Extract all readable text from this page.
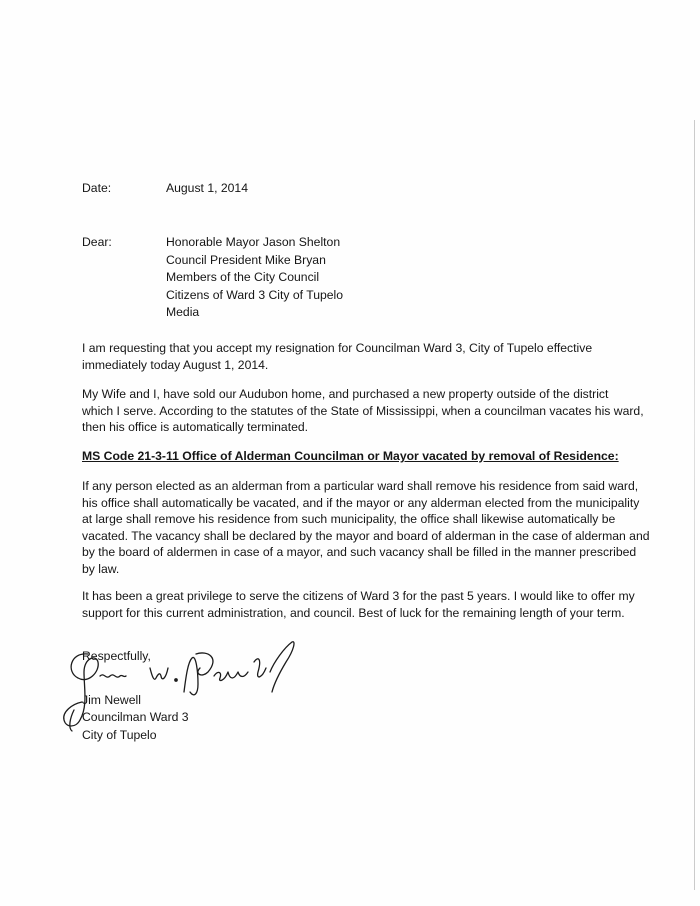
Date:	August 1, 2014
Dear:	Honorable Mayor Jason Shelton
Council President Mike Bryan
Members of the City Council
Citizens of Ward 3 City of Tupelo
Media
I am requesting that you accept my resignation for Councilman Ward 3, City of Tupelo effective
immediately today August 1, 2014.
My Wife and I, have sold our Audubon home, and purchased a new property outside of the district
which I serve. According to the statutes of the State of Mississippi, when a councilman vacates his ward,
then his office is automatically terminated.
MS Code 21-3-11 Office of Alderman Councilman or Mayor vacated by removal of Residence:
If any person elected as an alderman from a particular ward shall remove his residence from said ward,
his office shall automatically be vacated, and if the mayor or any alderman elected from the municipality
at large shall remove his residence from such municipality, the office shall likewise automatically be
vacated. The vacancy shall be declared by the mayor and board of alderman in the case of alderman and
by the board of aldermen in case of a mayor, and such vacancy shall be filled in the manner prescribed
by law.
It has been a great privilege to serve the citizens of Ward 3 for the past 5 years. I would like to offer my
support for this current administration, and council. Best of luck for the remaining length of your term.
Respectfully,
Jim Newell
Councilman Ward 3
City of Tupelo
